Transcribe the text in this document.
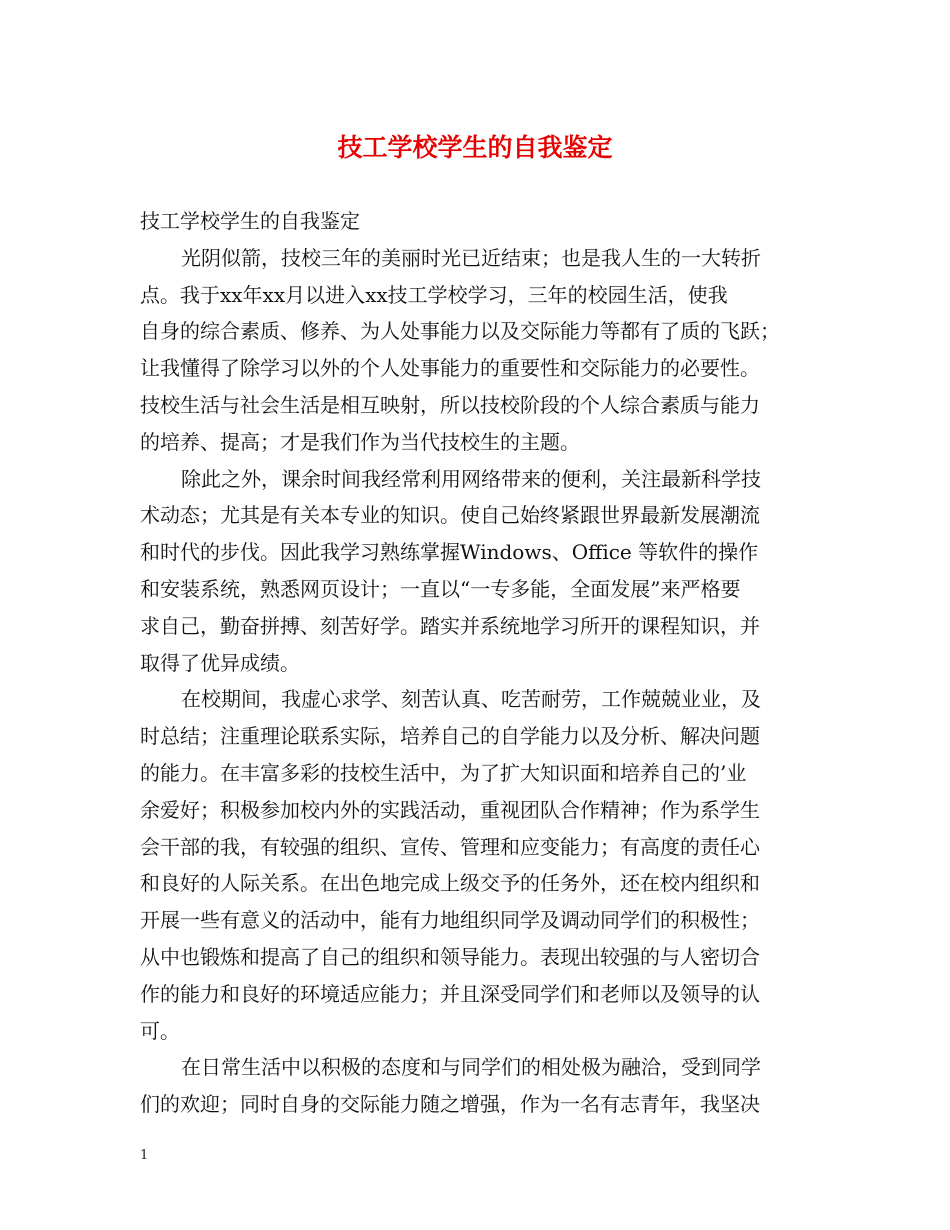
技工学校学生的自我鉴定
技工学校学生的自我鉴定
光阴似箭，技校三年的美丽时光已近结束；也是我人生的一大转折
点。我于xx年xx月以进入xx技工学校学习，三年的校园生活，使我
自身的综合素质、修养、为人处事能力以及交际能力等都有了质的飞跃；
让我懂得了除学习以外的个人处事能力的重要性和交际能力的必要性。
技校生活与社会生活是相互映射，所以技校阶段的个人综合素质与能力
的培养、提高；才是我们作为当代技校生的主题。
除此之外，课余时间我经常利用网络带来的便利，关注最新科学技
术动态；尤其是有关本专业的知识。使自己始终紧跟世界最新发展潮流
和时代的步伐。因此我学习熟练掌握Windows、Office 等软件的操作
和安装系统，熟悉网页设计；一直以“一专多能，全面发展”来严格要
求自己，勤奋拼搏、刻苦好学。踏实并系统地学习所开的课程知识，并
取得了优异成绩。
在校期间，我虚心求学、刻苦认真、吃苦耐劳，工作兢兢业业，及
时总结；注重理论联系实际，培养自己的自学能力以及分析、解决问题
的能力。在丰富多彩的技校生活中，为了扩大知识面和培养自己的’业
余爱好；积极参加校内外的实践活动，重视团队合作精神；作为系学生
会干部的我，有较强的组织、宣传、管理和应变能力；有高度的责任心
和良好的人际关系。在出色地完成上级交予的任务外，还在校内组织和
开展一些有意义的活动中，能有力地组织同学及调动同学们的积极性；
从中也锻炼和提高了自己的组织和领导能力。表现出较强的与人密切合
作的能力和良好的环境适应能力；并且深受同学们和老师以及领导的认
可。
在日常生活中以积极的态度和与同学们的相处极为融洽，受到同学
们的欢迎；同时自身的交际能力随之增强，作为一名有志青年，我坚决
1
